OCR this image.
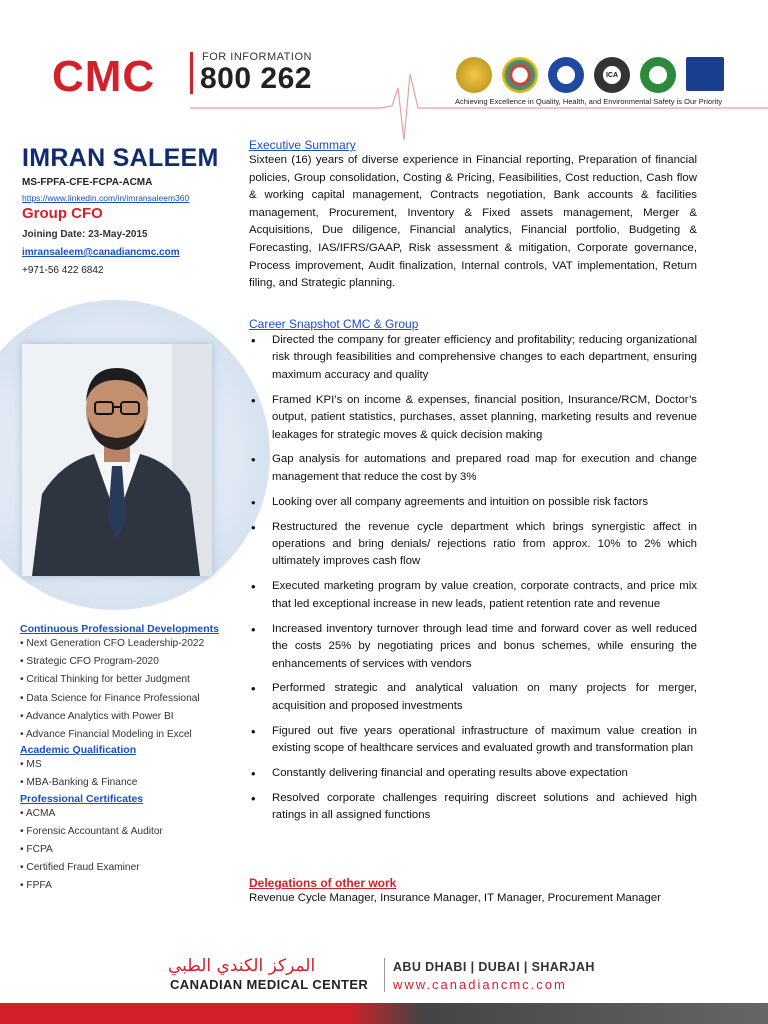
CMC	FOR INFORMATION
800 262	ICA
Achieving Excellence in Quality, Health, and Environmental Safety is Our Priority
IMRAN SALEEM
MS-FPFA-CFE-FCPA-ACMA
https://www.linkedin.com/in/imransaleem360
Group CFO
Joining Date: 23-May-2015
imransaleem@canadiancmc.com
+971-56 422 6842
Continuous Professional Developments
• Next Generation CFO Leadership-2022
• Strategic CFO Program-2020
• Critical Thinking for better Judgment
• Data Science for Finance Professional
• Advance Analytics with Power BI
• Advance Financial Modeling in Excel
Academic Qualification
• MS
• MBA-Banking & Finance
Professional Certificates
• ACMA
• Forensic Accountant & Auditor
• FCPA
• Certified Fraud Examiner
• FPFA
Executive Summary
Sixteen (16) years of diverse experience in Financial reporting, Preparation of financial policies, Group consolidation, Costing & Pricing, Feasibilities, Cost reduction, Cash flow & working capital management, Contracts negotiation, Bank accounts & facilities management, Procurement, Inventory & Fixed assets management, Merger & Acquisitions, Due diligence, Financial analytics, Financial portfolio, Budgeting & Forecasting, IAS/IFRS/GAAP, Risk assessment & mitigation, Corporate governance, Process improvement, Audit finalization, Internal controls, VAT implementation, Return filing, and Strategic planning.
Career Snapshot CMC & Group
• Directed the company for greater efficiency and profitability; reducing organizational risk through feasibilities and comprehensive changes to each department, ensuring maximum accuracy and quality
• Framed KPI’s on income & expenses, financial position, Insurance/RCM, Doctor’s output, patient statistics, purchases, asset planning, marketing results and revenue leakages for strategic moves & quick decision making
• Gap analysis for automations and prepared road map for execution and change management that reduce the cost by 3%
• Looking over all company agreements and intuition on possible risk factors
• Restructured the revenue cycle department which brings synergistic affect in operations and bring denials/ rejections ratio from approx. 10% to 2% which ultimately improves cash flow
• Executed marketing program by value creation, corporate contracts, and price mix that led exceptional increase in new leads, patient retention rate and revenue
• Increased inventory turnover through lead time and forward cover as well reduced the costs 25% by negotiating prices and bonus schemes, while ensuring the enhancements of services with vendors
• Performed strategic and analytical valuation on many projects for merger, acquisition and proposed investments
• Figured out five years operational infrastructure of maximum value creation in existing scope of healthcare services and evaluated growth and transformation plan
• Constantly delivering financial and operating results above expectation
• Resolved corporate challenges requiring discreet solutions and achieved high ratings in all assigned functions
Delegations of other work
Revenue Cycle Manager, Insurance Manager, IT Manager, Procurement Manager
المركز الكندي الطبي
CANADIAN MEDICAL CENTER
ABU DHABI | DUBAI | SHARJAH
www.canadiancmc.com
